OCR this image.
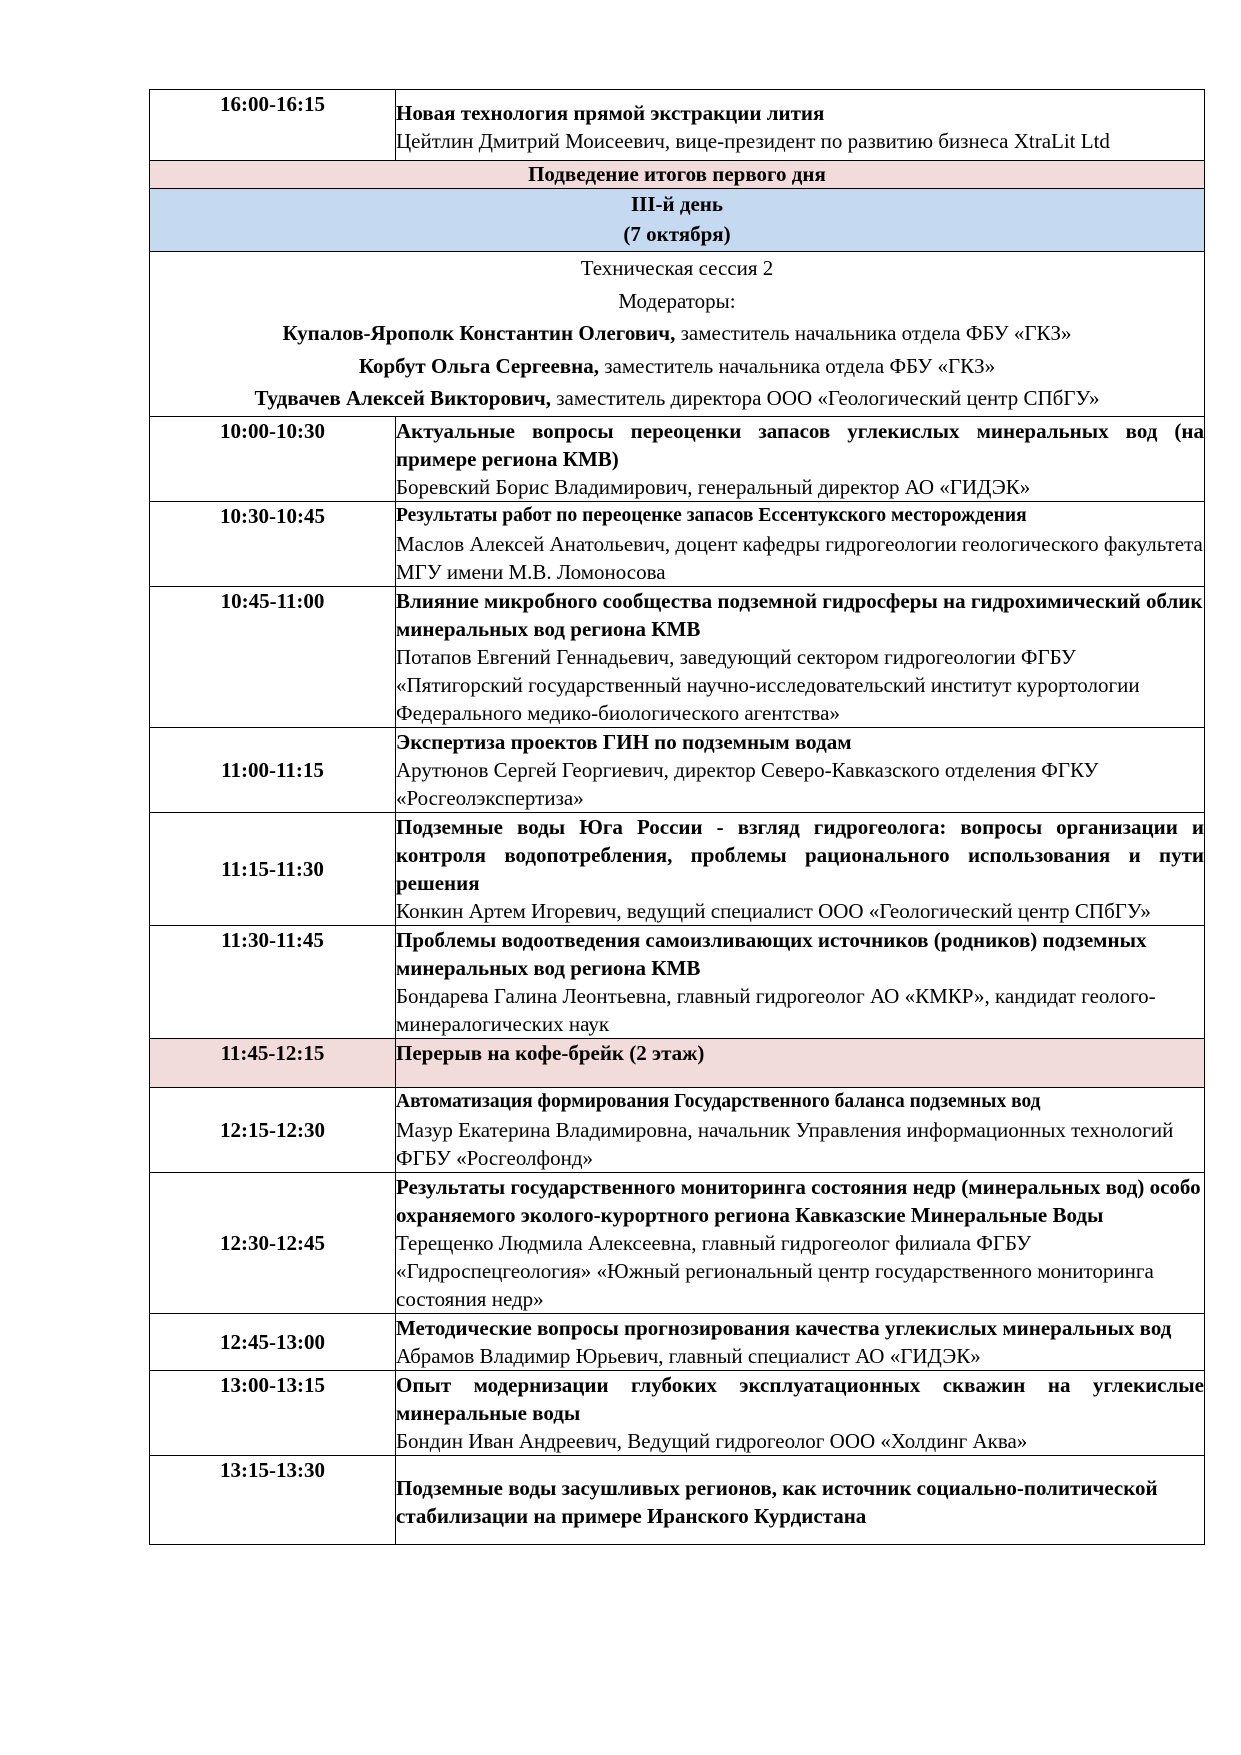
16:00-16:15	Новая технология прямой экстракции лития
Цейтлин Дмитрий Моисеевич, вице-президент по развитию бизнеса XtraLit Ltd

Подведение итогов первого дня	

III-й день
(7 октября)	

Техническая сессия 2
Модераторы:
Купалов-Ярополк Константин Олегович, заместитель начальника отдела ФБУ «ГКЗ»
Корбут Ольга Сергеевна, заместитель начальника отдела ФБУ «ГКЗ»
Тудвачев Алексей Викторович, заместитель директора ООО «Геологический центр СПбГУ»	

10:00-10:30	Актуальные вопросы переоценки запасов углекислых минеральных вод (на примере региона КМВ)
Боревский Борис Владимирович, генеральный директор АО «ГИДЭК»

10:30-10:45	Результаты работ по переоценке запасов Ессентукского месторождения
Маслов Алексей Анатольевич, доцент кафедры гидрогеологии геологического факультета МГУ имени М.В. Ломоносова

10:45-11:00	Влияние микробного сообщества подземной гидросферы на гидрохимический облик минеральных вод региона КМВ
Потапов Евгений Геннадьевич, заведующий сектором гидрогеологии ФГБУ «Пятигорский государственный научно-исследовательский институт курортологии Федерального медико-биологического агентства»

11:00-11:15	Экспертиза проектов ГИН по подземным водам
Арутюнов Сергей Георгиевич, директор Северо-Кавказского отделения ФГКУ «Росгеолэкспертиза»

11:15-11:30	Подземные воды Юга России - взгляд гидрогеолога: вопросы организации и контроля водопотребления, проблемы рационального использования и пути решения
Конкин Артем Игоревич, ведущий специалист ООО «Геологический центр СПбГУ»

11:30-11:45	Проблемы водоотведения самоизливающих источников (родников) подземных минеральных вод региона КМВ
Бондарева Галина Леонтьевна, главный гидрогеолог АО «КМКР», кандидат геолого-минералогических наук

11:45-12:15	Перерыв на кофе-брейк (2 этаж)

12:15-12:30	Автоматизация формирования Государственного баланса подземных вод
Мазур Екатерина Владимировна, начальник Управления информационных технологий ФГБУ «Росгеолфонд»

12:30-12:45	Результаты государственного мониторинга состояния недр (минеральных вод) особо охраняемого эколого-курортного региона Кавказские Минеральные Воды
Терещенко Людмила Алексеевна, главный гидрогеолог филиала ФГБУ «Гидроспецгеология» «Южный региональный центр государственного мониторинга состояния недр»

12:45-13:00	Методические вопросы прогнозирования качества углекислых минеральных вод
Абрамов Владимир Юрьевич, главный специалист АО «ГИДЭК»

13:00-13:15	Опыт модернизации глубоких эксплуатационных скважин на углекислые минеральные воды
Бондин Иван Андреевич, Ведущий гидрогеолог ООО «Холдинг Аква»

13:15-13:30	Подземные воды засушливых регионов, как источник социально-политической стабилизации на примере Иранского Курдистана
